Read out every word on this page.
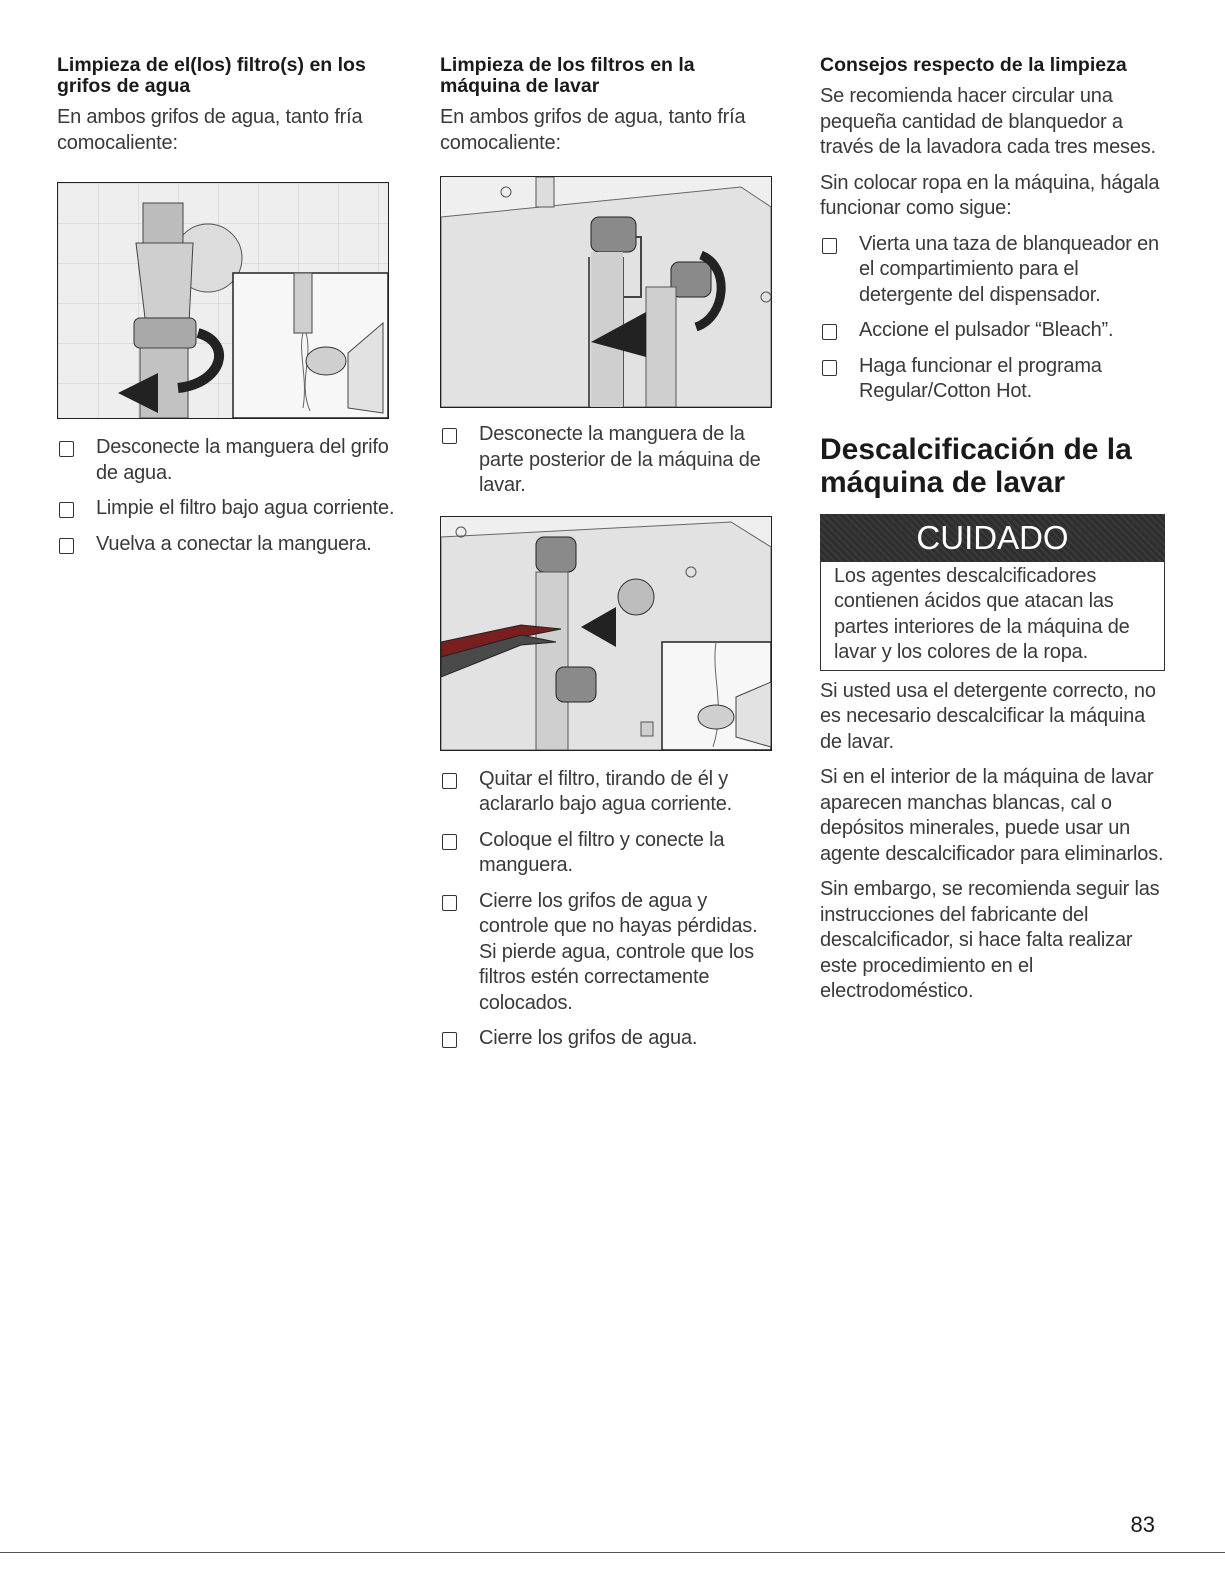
Limpieza de el(los) filtro(s) en los grifos de agua

En ambos grifos de agua, tanto fría comocaliente:

Desconecte la manguera del grifo de agua.
Limpie el filtro bajo agua corriente.
Vuelva a conectar la manguera.
Limpieza de los filtros en la máquina de lavar

En ambos grifos de agua, tanto fría comocaliente:

Desconecte la manguera de la parte posterior de la máquina de lavar.
Quitar el filtro, tirando de él y aclararlo bajo agua corriente.
Coloque el filtro y conecte la manguera.
Cierre los grifos de agua y controle que no hayas pérdidas. Si pierde agua, controle que los filtros estén correctamente colocados.
Cierre los grifos de agua.
Consejos respecto de la limpieza

Se recomienda hacer circular una pequeña cantidad de blanquedor a través de la lavadora cada tres meses.

Sin colocar ropa en la máquina, hágala funcionar como sigue:

Vierta una taza de blanqueador en el compartimiento para el detergente del dispensador.
Accione el pulsador “Bleach”.
Haga funcionar el programa Regular/Cotton Hot.
Descalcificación de la máquina de lavar
CUIDADO

Los agentes descalcificadores contienen ácidos que atacan las partes interiores de la máquina de lavar y los colores de la ropa.

Si usted usa el detergente correcto, no es necesario descalcificar la máquina de lavar.

Si en el interior de la máquina de lavar aparecen manchas blancas, cal o depósitos minerales, puede usar un agente descalcificador para eliminarlos.

Sin embargo, se recomienda seguir las instrucciones del fabricante del descalcificador, si hace falta realizar este procedimiento en el electrodoméstico.

83
